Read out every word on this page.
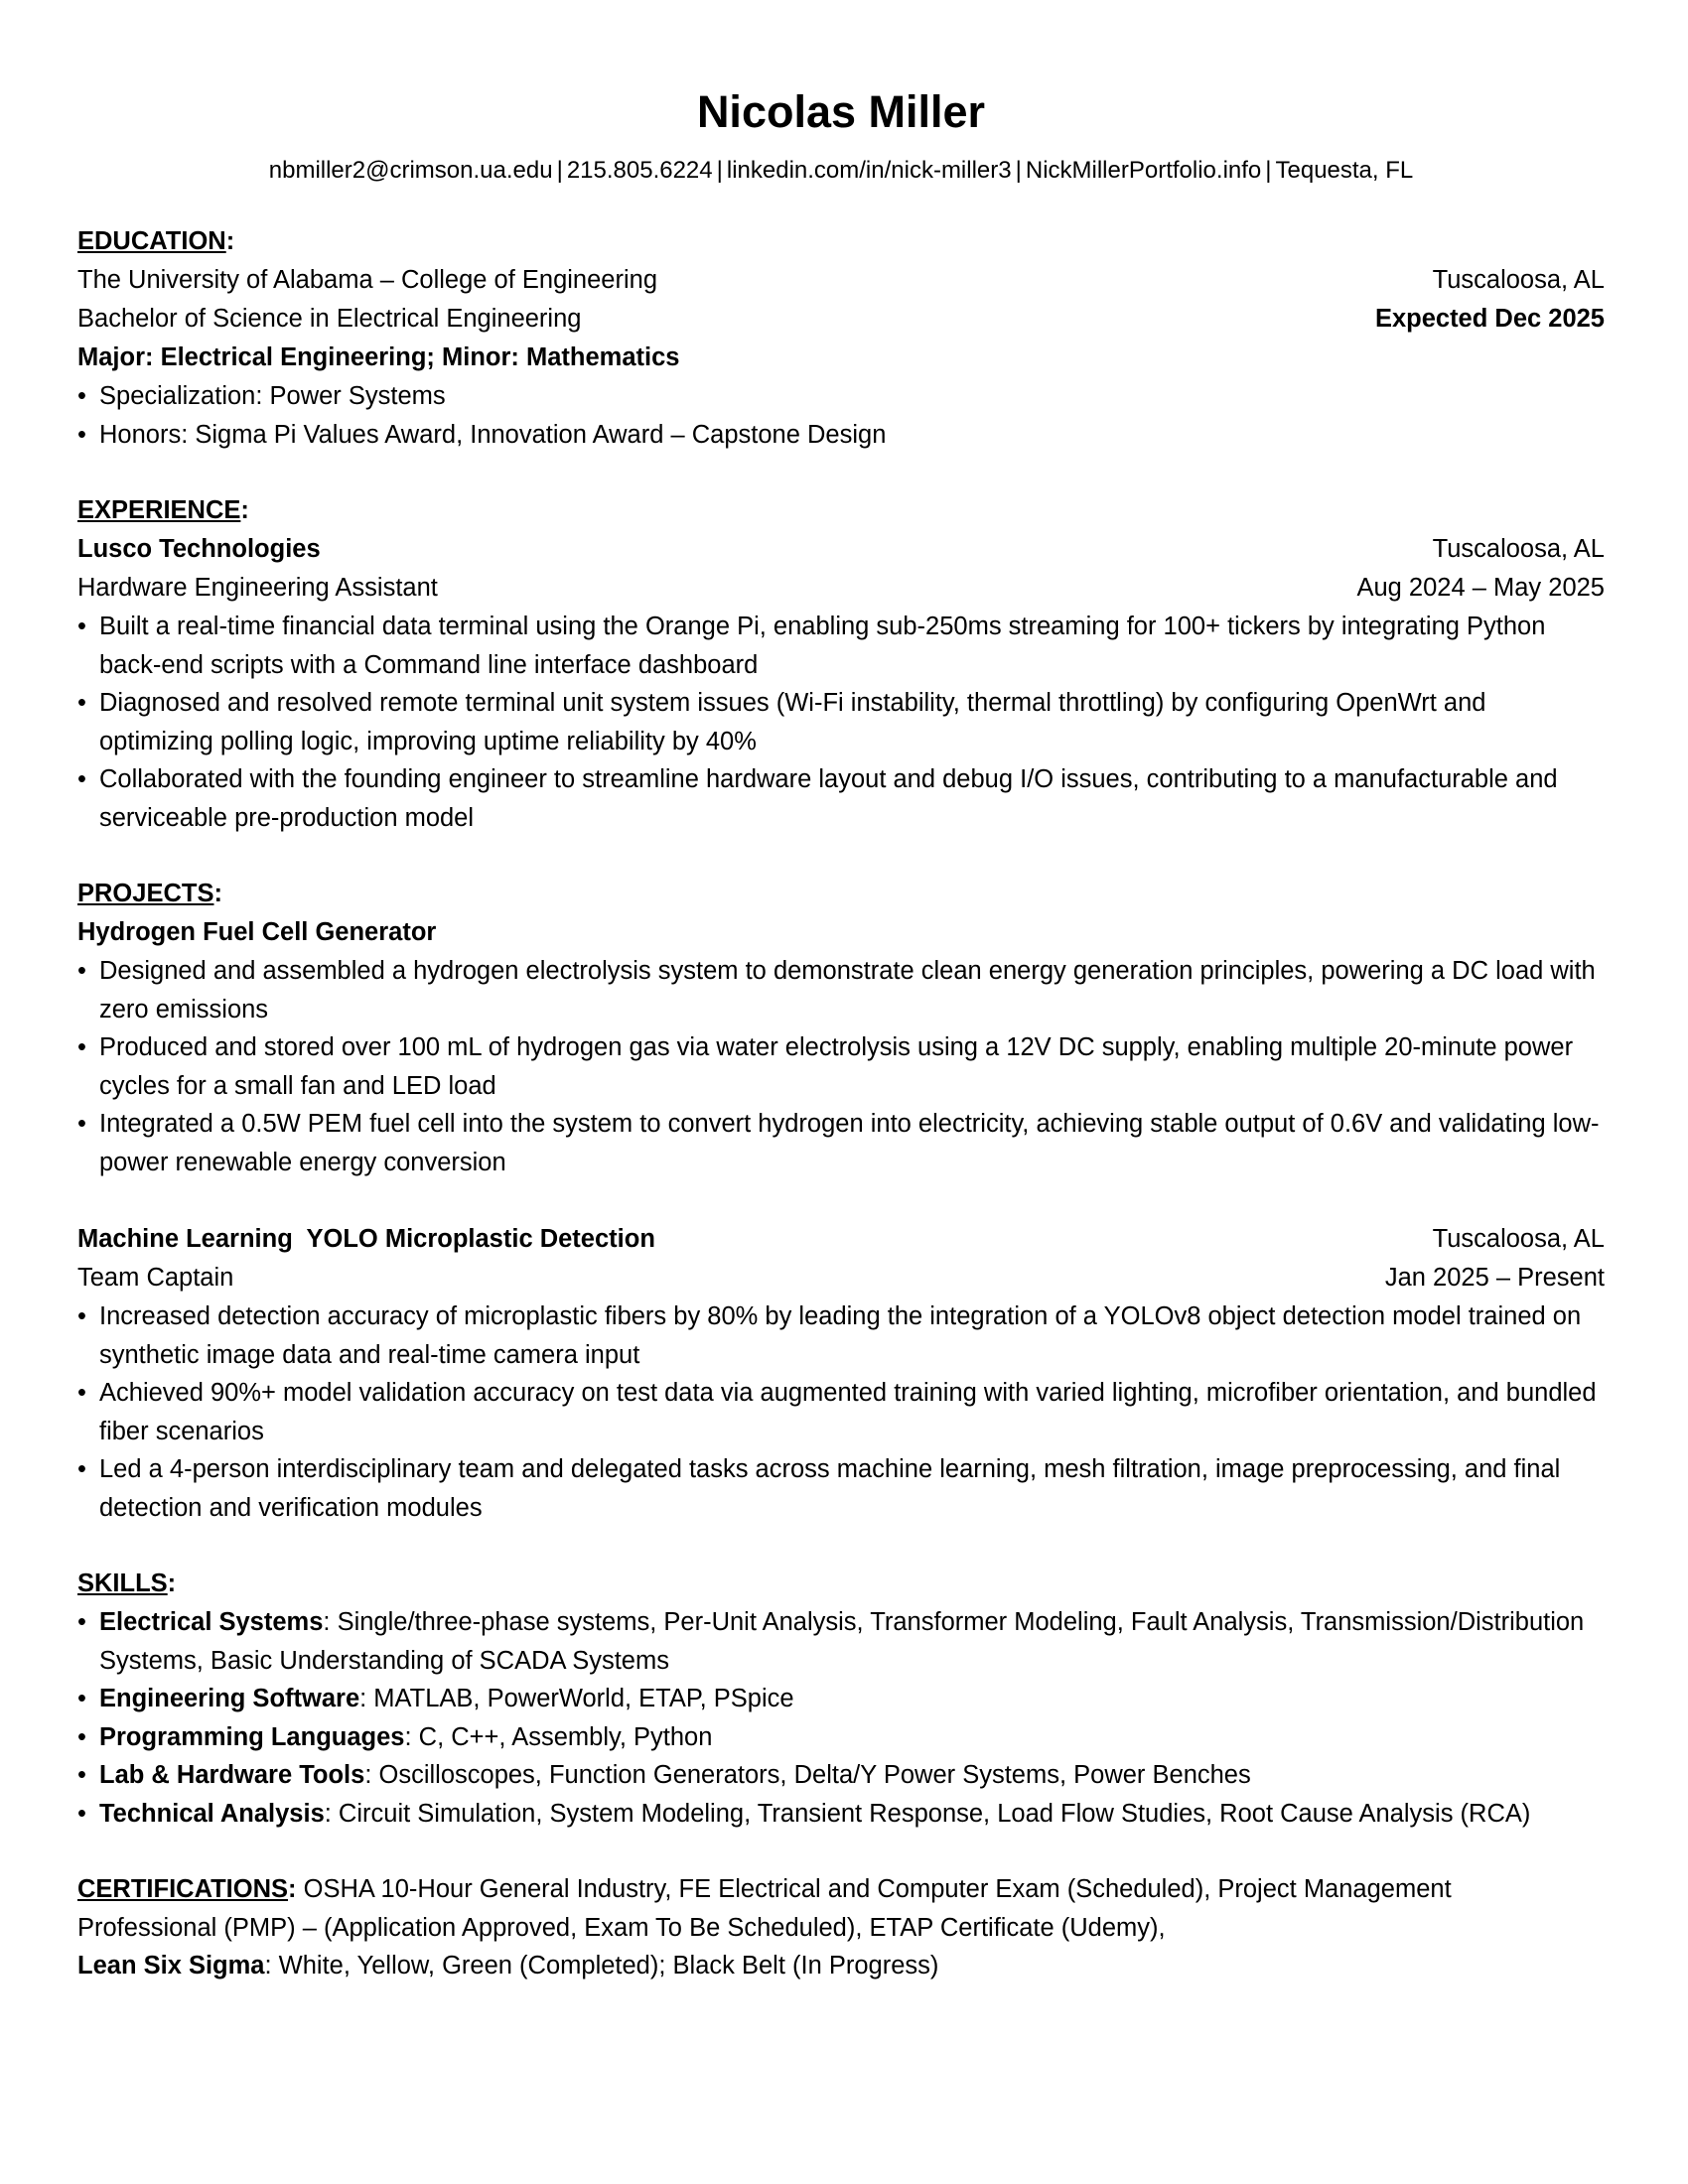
Nicolas Miller
nbmiller2@crimson.ua.edu | 215.805.6224 | linkedin.com/in/nick-miller3 | NickMillerPortfolio.info | Tequesta, FL
EDUCATION:
The University of Alabama – College of Engineering	Tuscaloosa, AL
Bachelor of Science in Electrical Engineering	Expected Dec 2025
Major: Electrical Engineering; Minor: Mathematics
• Specialization: Power Systems
• Honors: Sigma Pi Values Award, Innovation Award – Capstone Design
EXPERIENCE:
Lusco Technologies	Tuscaloosa, AL
Hardware Engineering Assistant	Aug 2024 – May 2025
• Built a real-time financial data terminal using the Orange Pi, enabling sub-250ms streaming for 100+ tickers by integrating Python back-end scripts with a Command line interface dashboard
• Diagnosed and resolved remote terminal unit system issues (Wi-Fi instability, thermal throttling) by configuring OpenWrt and optimizing polling logic, improving uptime reliability by 40%
• Collaborated with the founding engineer to streamline hardware layout and debug I/O issues, contributing to a manufacturable and serviceable pre-production model
PROJECTS:
Hydrogen Fuel Cell Generator
• Designed and assembled a hydrogen electrolysis system to demonstrate clean energy generation principles, powering a DC load with zero emissions
• Produced and stored over 100 mL of hydrogen gas via water electrolysis using a 12V DC supply, enabling multiple 20-minute power cycles for a small fan and LED load
• Integrated a 0.5W PEM fuel cell into the system to convert hydrogen into electricity, achieving stable output of 0.6V and validating low-power renewable energy conversion
Machine Learning  YOLO Microplastic Detection	Tuscaloosa, AL
Team Captain	Jan 2025 – Present
• Increased detection accuracy of microplastic fibers by 80% by leading the integration of a YOLOv8 object detection model trained on synthetic image data and real-time camera input
• Achieved 90%+ model validation accuracy on test data via augmented training with varied lighting, microfiber orientation, and bundled fiber scenarios
• Led a 4-person interdisciplinary team and delegated tasks across machine learning, mesh filtration, image preprocessing, and final detection and verification modules
SKILLS:
• Electrical Systems: Single/three-phase systems, Per-Unit Analysis, Transformer Modeling, Fault Analysis, Transmission/Distribution Systems, Basic Understanding of SCADA Systems
• Engineering Software: MATLAB, PowerWorld, ETAP, PSpice
• Programming Languages: C, C++, Assembly, Python
• Lab & Hardware Tools: Oscilloscopes, Function Generators, Delta/Y Power Systems, Power Benches
• Technical Analysis: Circuit Simulation, System Modeling, Transient Response, Load Flow Studies, Root Cause Analysis (RCA)
CERTIFICATIONS: OSHA 10-Hour General Industry, FE Electrical and Computer Exam (Scheduled), Project Management
Professional (PMP) – (Application Approved, Exam To Be Scheduled), ETAP Certificate (Udemy),
Lean Six Sigma: White, Yellow, Green (Completed); Black Belt (In Progress)
